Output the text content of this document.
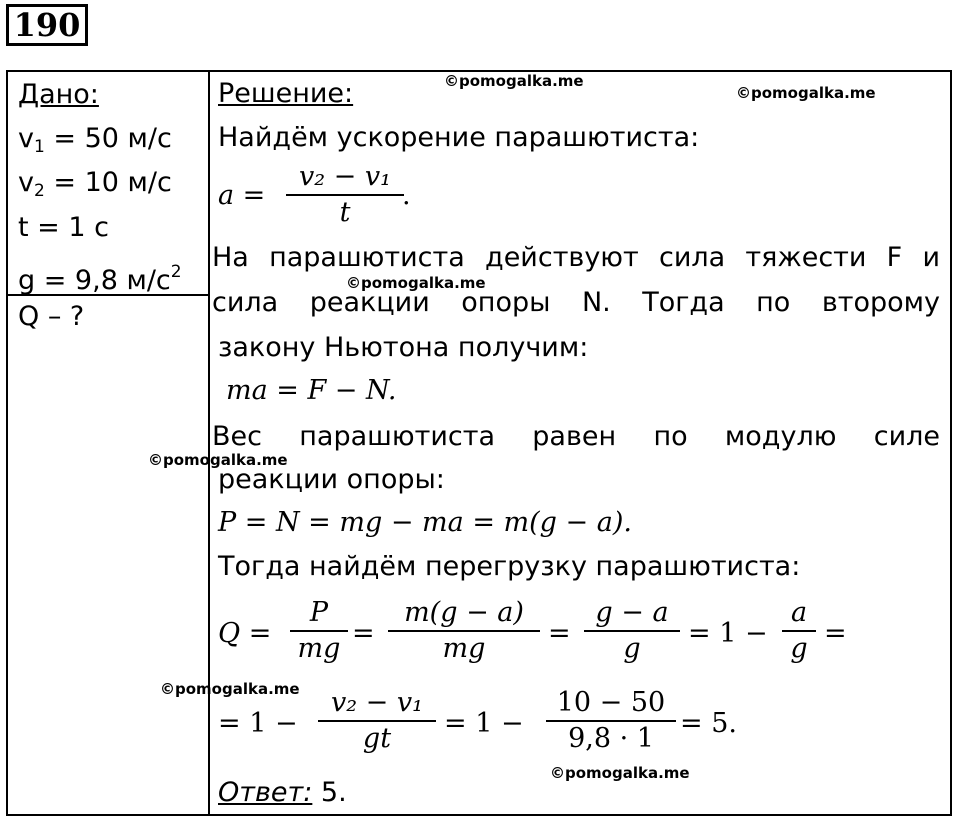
190
Дано:
$v_1 = 50$ м/с
$v_2 = 10$ м/с
t = 1 с
g = 9,8 $м/с^2$
Q – ?
Решение:
Найдём ускорение парашютиста:
a =
v₂ − v₁
t
.
На парашютиста действуют сила тяжести F и
сила реакции опоры N. Тогда по второму
закону Ньютона получим:
ma = F − N.
Вес парашютиста равен по модулю силе
реакции опоры:
P = N = mg − ma = m(g − a).
Тогда найдём перегрузку парашютиста:
Q =
P
mg =
m(g − a)
mg	=
g − a
g	= 1 −
a
g =
= 1 −
v₂ − v₁
gt	= 1 −
10 − 50
9,8 · 1 = 5.
Ответ: 5.
©pomogalka.me
©pomogalka.me
©pomogalka.me
©pomogalka.me
©pomogalka.me
©pomogalka.me
